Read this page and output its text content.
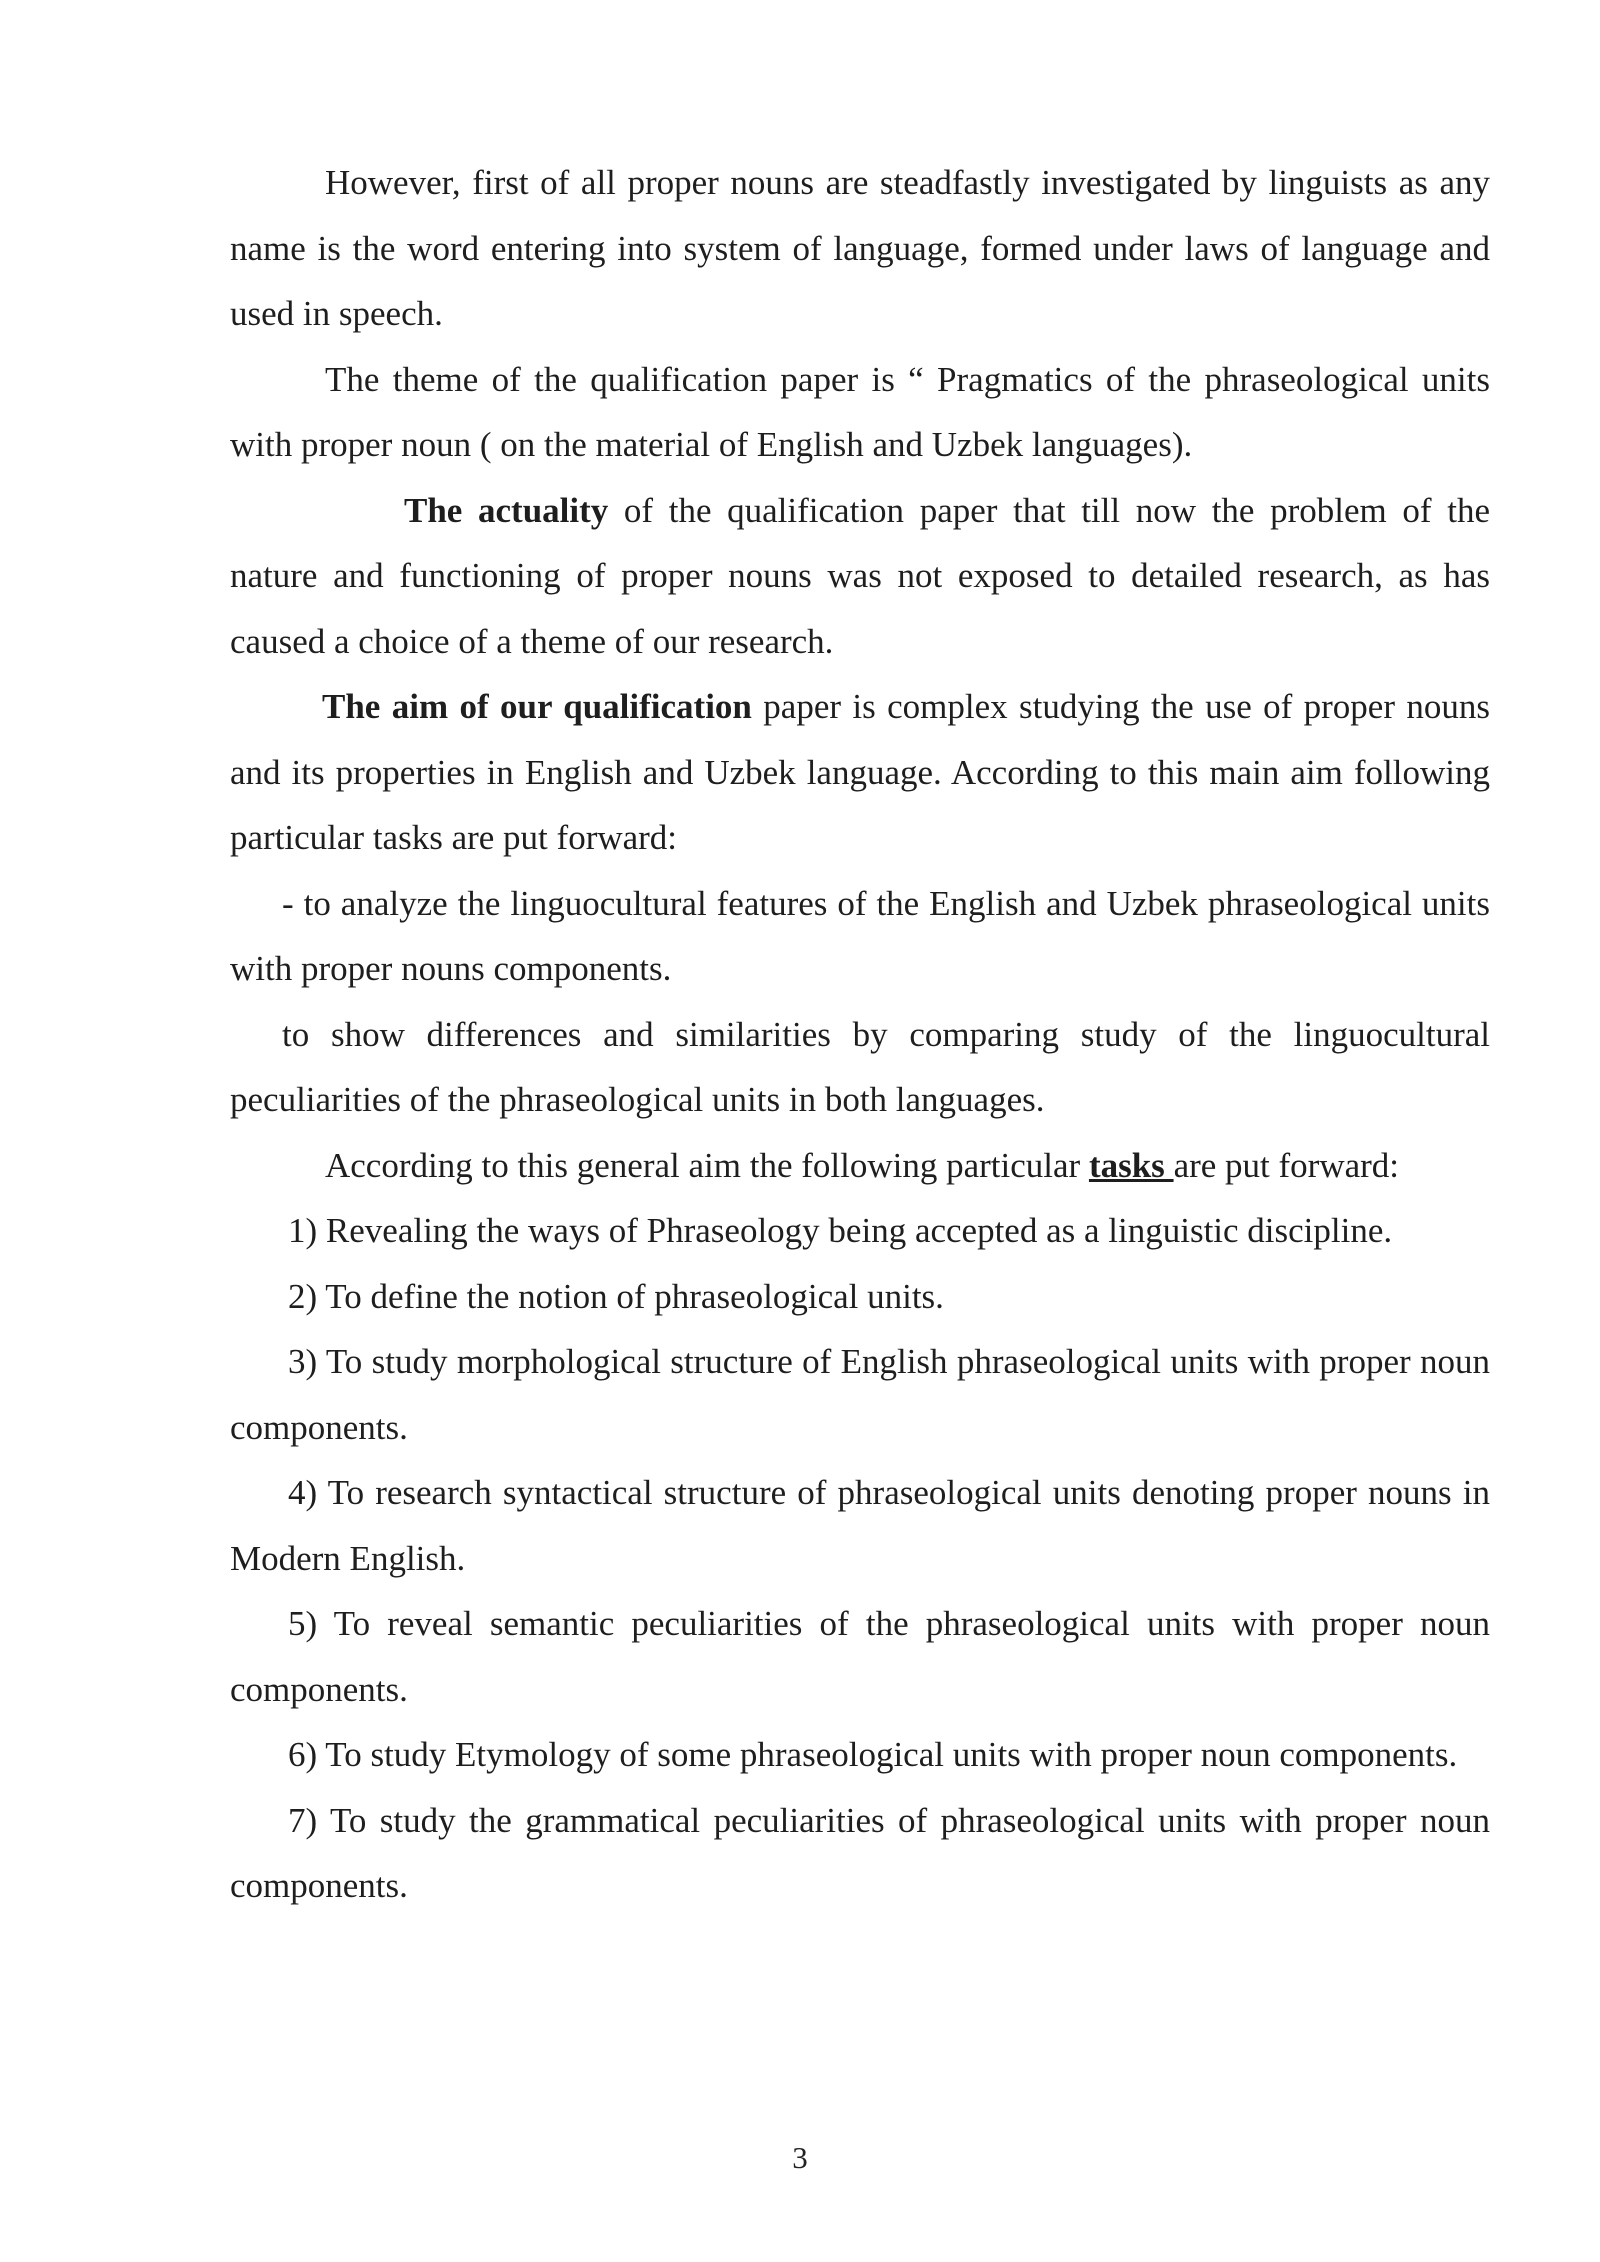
However, first of all proper nouns are steadfastly investigated by linguists as any name is the word entering into system of language, formed under laws of language and used in speech.

The theme of the qualification paper is “ Pragmatics of the phraseological units with proper noun ( on the material of English and Uzbek languages).

The actuality of the qualification paper that till now the problem of the nature and functioning of proper nouns was not exposed to detailed research, as has caused a choice of a theme of our research.

The aim of our qualification paper is complex studying the use of proper nouns and its properties in English and Uzbek language. According to this main aim following particular tasks are put forward:

- to analyze the linguocultural features of the English and Uzbek phraseological units with proper nouns components.

to show differences and similarities by comparing study of the linguocultural peculiarities of the phraseological units in both languages.

According to this general aim the following particular tasks are put forward:

1) Revealing the ways of Phraseology being accepted as a linguistic discipline.

2) To define the notion of phraseological units.

3) To study morphological structure of English phraseological units with proper noun components.

4) To research syntactical structure of phraseological units denoting proper nouns in Modern English.

5) To reveal semantic peculiarities of the phraseological units with proper noun components.

6) To study Etymology of some phraseological units with proper noun components.

7) To study the grammatical peculiarities of phraseological units with proper noun components.

3
